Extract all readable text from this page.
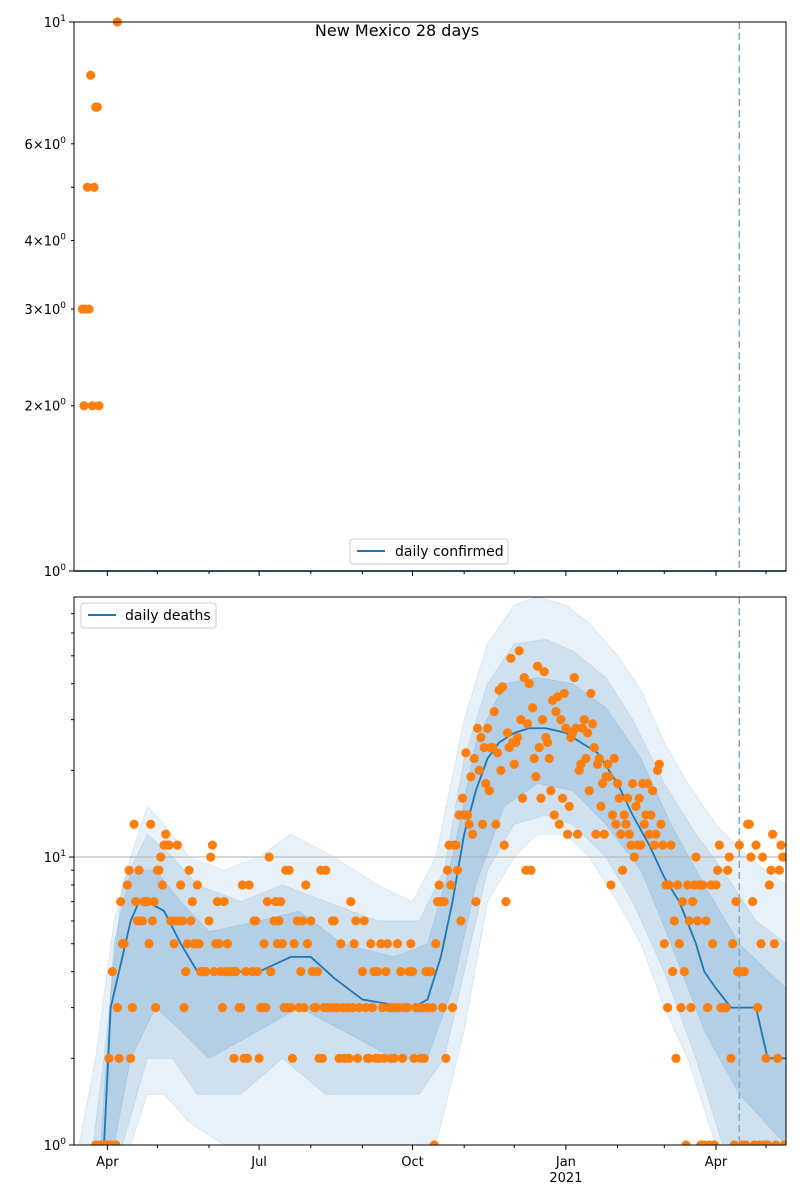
New Mexico 28 days
$10^0$
$2\times 10^0$
$3\times 10^0$
$4\times 10^0$
$6\times 10^0$
$10^1$
daily confirmed
$10^0$
$10^1$
Apr	Jul	Oct	Jan
2021
Apr
daily deaths
